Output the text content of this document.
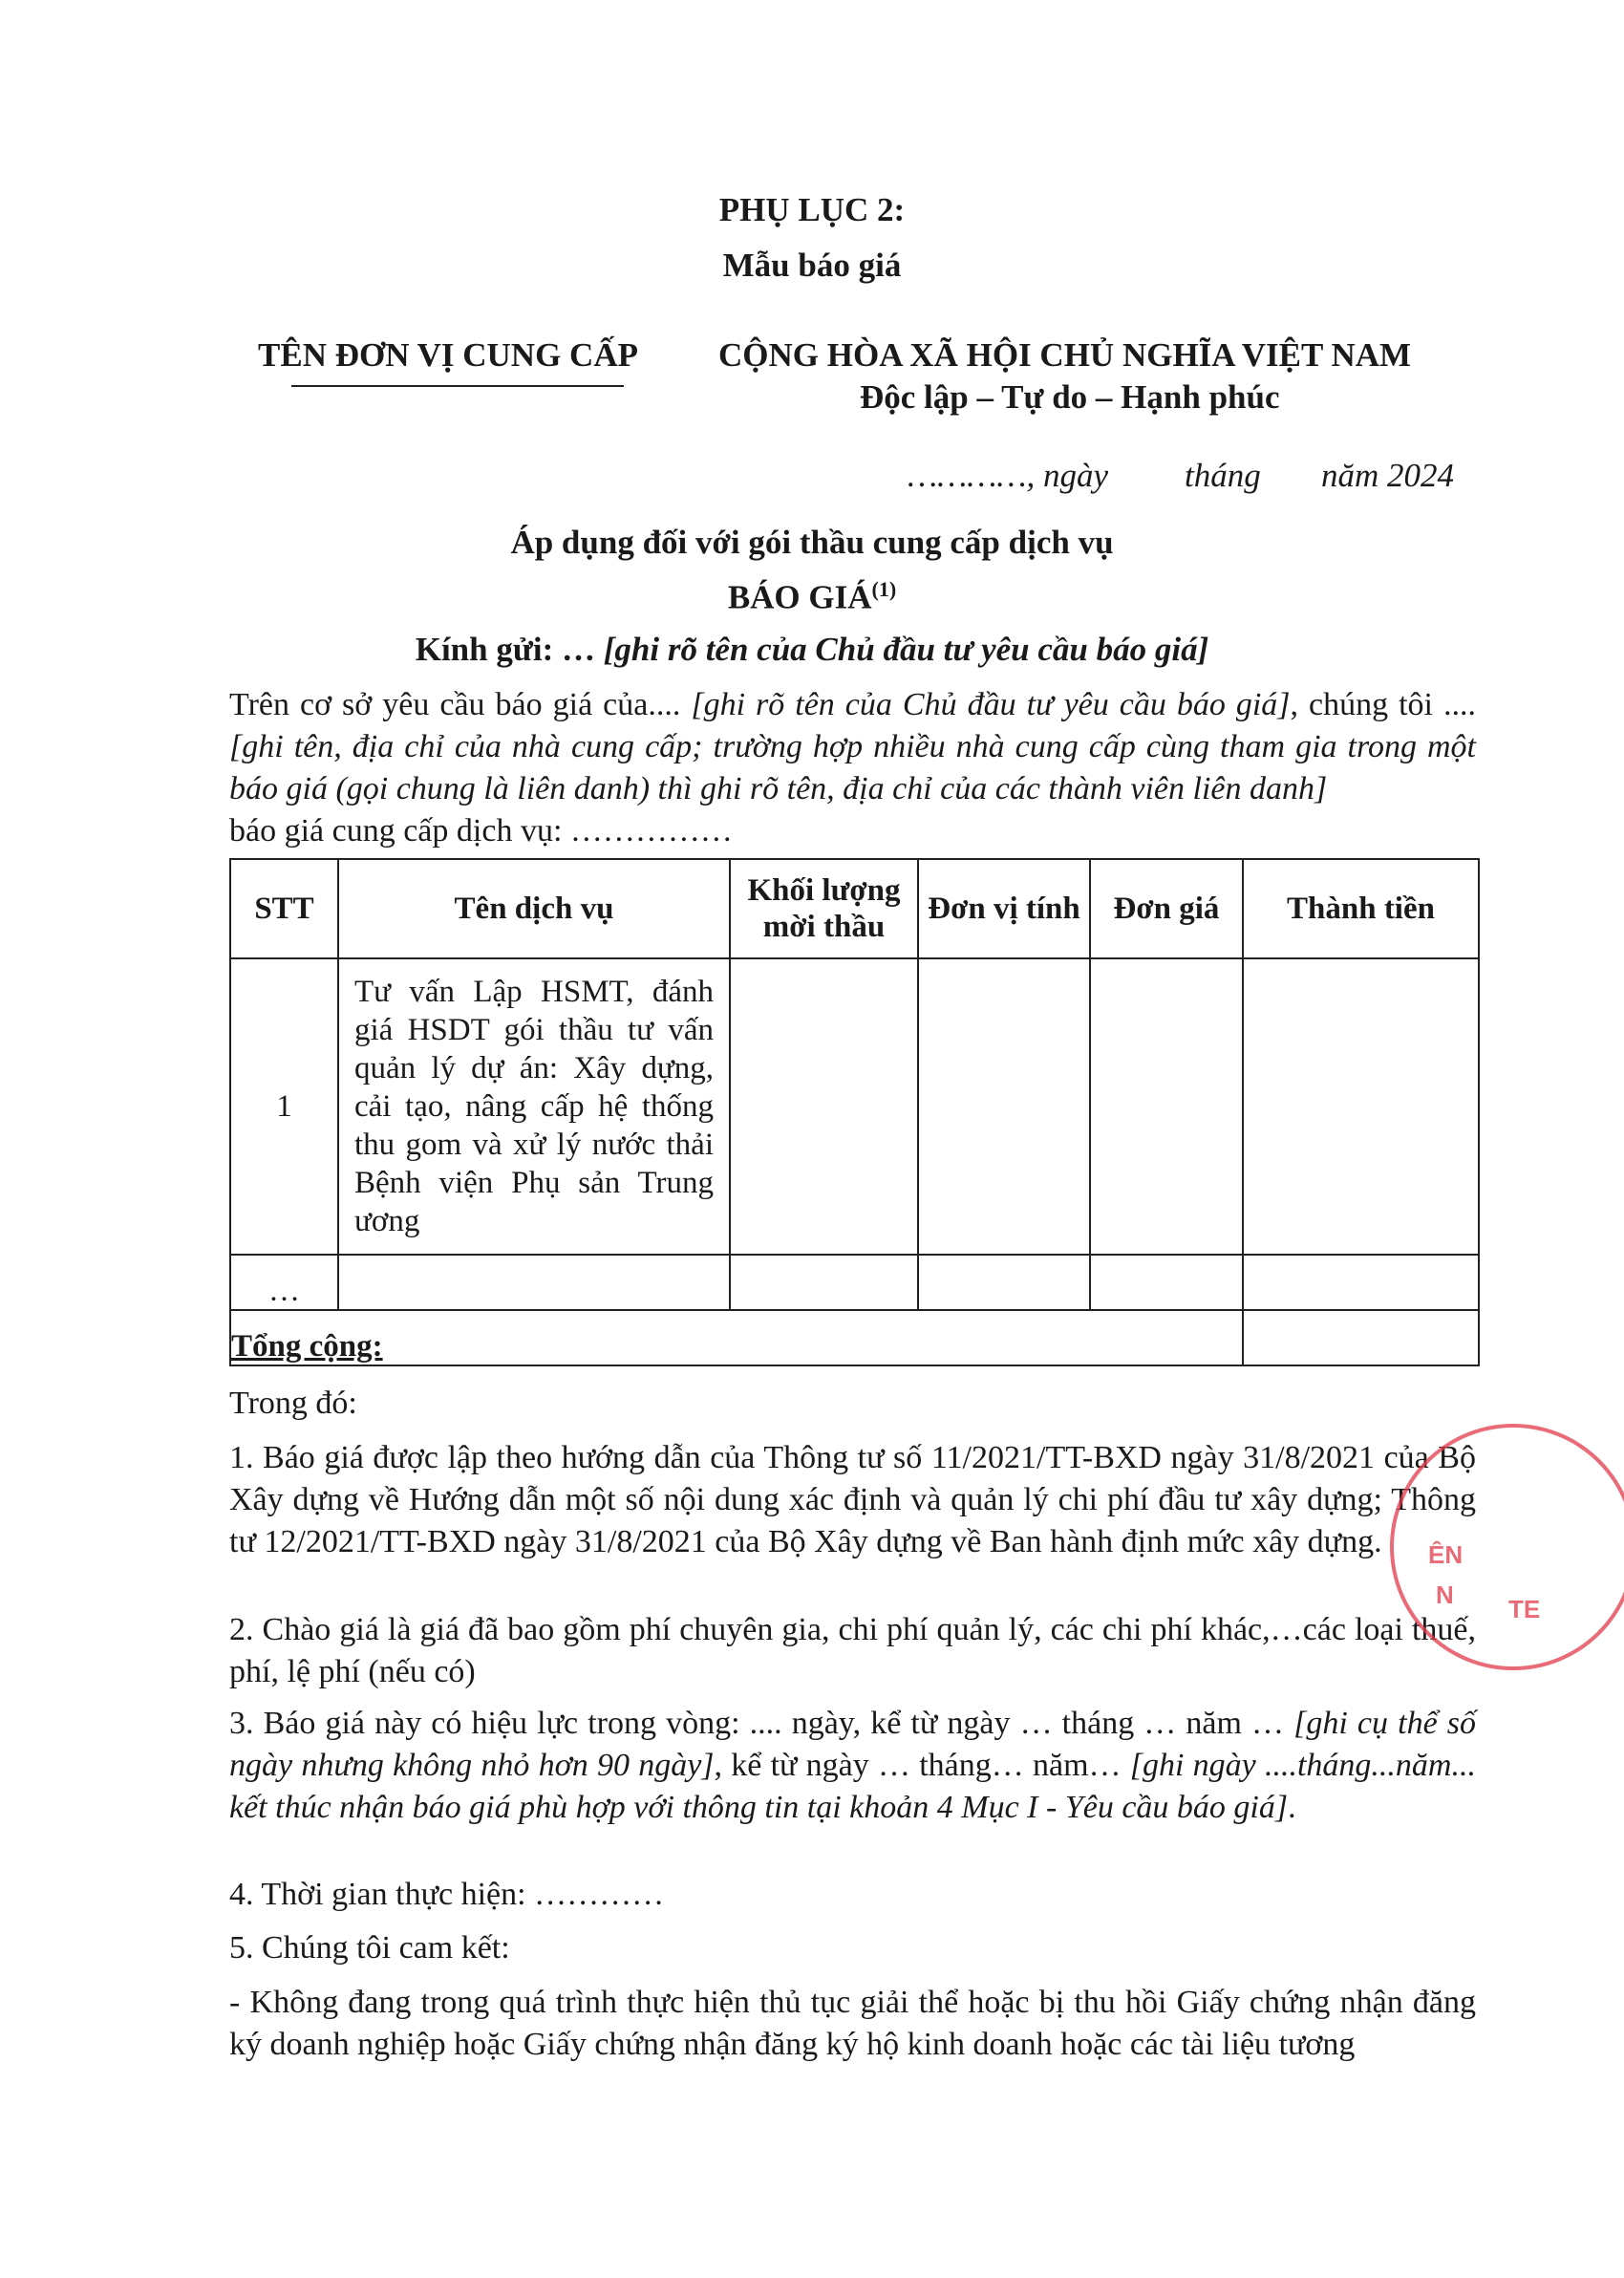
PHỤ LỤC 2:
Mẫu báo giá
TÊN ĐƠN VỊ CUNG CẤP CỘNG HÒA XÃ HỘI CHỦ NGHĨA VIỆT NAM
Độc lập – Tự do – Hạnh phúc
…………, ngày tháng năm 2024
Áp dụng đối với gói thầu cung cấp dịch vụ
BÁO GIÁ$^{(1)}$
Kính gửi: … [ghi rõ tên của Chủ đầu tư yêu cầu báo giá]
Trên cơ sở yêu cầu báo giá của.... [ghi rõ tên của Chủ đầu tư yêu cầu báo giá], chúng tôi .... [ghi tên, địa chỉ của nhà cung cấp; trường hợp nhiều nhà cung cấp cùng tham gia trong một báo giá (gọi chung là liên danh) thì ghi rõ tên, địa chỉ của các thành viên liên danh]
báo giá cung cấp dịch vụ: ……………
STT	Tên dịch vụ	Khối lượng mời thầu	Đơn vị tính	Đơn giá	Thành tiền
1	Tư vấn Lập HSMT, đánh giá HSDT gói thầu tư vấn quản lý dự án: Xây dựng, cải tạo, nâng cấp hệ thống thu gom và xử lý nước thải Bệnh viện Phụ sản Trung ương				
…					
Tổng cộng:					
Trong đó:
1. Báo giá được lập theo hướng dẫn của Thông tư số 11/2021/TT-BXD ngày 31/8/2021 của Bộ Xây dựng về Hướng dẫn một số nội dung xác định và quản lý chi phí đầu tư xây dựng; Thông tư 12/2021/TT-BXD ngày 31/8/2021 của Bộ Xây dựng về Ban hành định mức xây dựng.
2. Chào giá là giá đã bao gồm phí chuyên gia, chi phí quản lý, các chi phí khác,…các loại thuế, phí, lệ phí (nếu có)
3. Báo giá này có hiệu lực trong vòng: .... ngày, kể từ ngày … tháng … năm … [ghi cụ thể số ngày nhưng không nhỏ hơn 90 ngày], kể từ ngày … tháng… năm… [ghi ngày ....tháng...năm... kết thúc nhận báo giá phù hợp với thông tin tại khoản 4 Mục I - Yêu cầu báo giá].
4. Thời gian thực hiện: …………
5. Chúng tôi cam kết:
- Không đang trong quá trình thực hiện thủ tục giải thể hoặc bị thu hồi Giấy chứng nhận đăng ký doanh nghiệp hoặc Giấy chứng nhận đăng ký hộ kinh doanh hoặc các tài liệu tương
ÊN
N TE
